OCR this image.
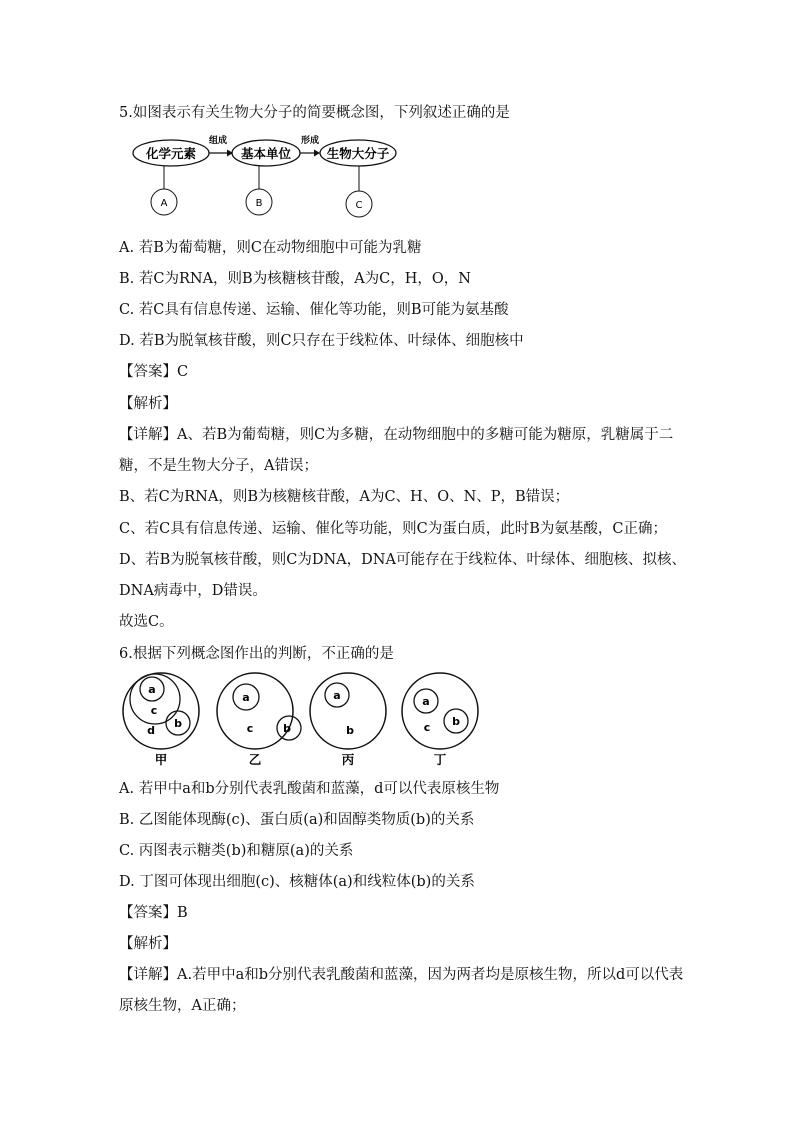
5.如图表示有关生物大分子的简要概念图，下列叙述正确的是
化学元素
组成
基本单位
形成
生物大分子
A	B	C
A. 若B为葡萄糖，则C在动物细胞中可能为乳糖
B. 若C为RNA，则B为核糖核苷酸，A为C，H，O，N
C. 若C具有信息传递、运输、催化等功能，则B可能为氨基酸
D. 若B为脱氧核苷酸，则C只存在于线粒体、叶绿体、细胞核中
【答案】C
【解析】
【详解】A、若B为葡萄糖，则C为多糖，在动物细胞中的多糖可能为糖原，乳糖属于二
糖，不是生物大分子，A错误；
B、若C为RNA，则B为核糖核苷酸，A为C、H、O、N、P，B错误；
C、若C具有信息传递、运输、催化等功能，则C为蛋白质，此时B为氨基酸，C正确；
D、若B为脱氧核苷酸，则C为DNA，DNA可能存在于线粒体、叶绿体、细胞核、拟核、
DNA病毒中，D错误。
故选C。
6.根据下列概念图作出的判断，不正确的是
a
c
b
d
甲
a
c	b
乙
a
b
丙
a
b
c
丁
A. 若甲中a和b分别代表乳酸菌和蓝藻，d可以代表原核生物
B. 乙图能体现酶(c)、蛋白质(a)和固醇类物质(b)的关系
C. 丙图表示糖类(b)和糖原(a)的关系
D. 丁图可体现出细胞(c)、核糖体(a)和线粒体(b)的关系
【答案】B
【解析】
【详解】A.若甲中a和b分别代表乳酸菌和蓝藻，因为两者均是原核生物，所以d可以代表
原核生物，A正确；
